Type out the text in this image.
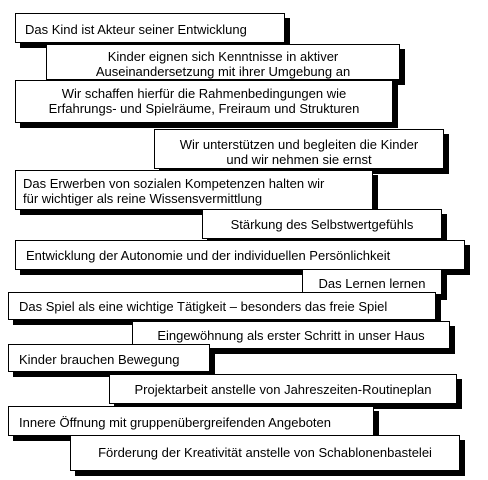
Das Kind ist Akteur seiner Entwicklung
Kinder eignen sich Kenntnisse in aktiver
Auseinandersetzung mit ihrer Umgebung an
Wir schaffen hierfür die Rahmenbedingungen wie
Erfahrungs- und Spielräume, Freiraum und Strukturen
Wir unterstützen und begleiten die Kinder
und wir nehmen sie ernst
Das Erwerben von sozialen Kompetenzen halten wir
für wichtiger als reine Wissensvermittlung
Stärkung des Selbstwertgefühls
Entwicklung der Autonomie und der individuellen Persönlichkeit
Das Lernen lernen
Das Spiel als eine wichtige Tätigkeit – besonders das freie Spiel
Eingewöhnung als erster Schritt in unser Haus
Kinder brauchen Bewegung
Projektarbeit anstelle von Jahreszeiten-Routineplan
Innere Öffnung mit gruppenübergreifenden Angeboten
Förderung der Kreativität anstelle von Schablonenbastelei
